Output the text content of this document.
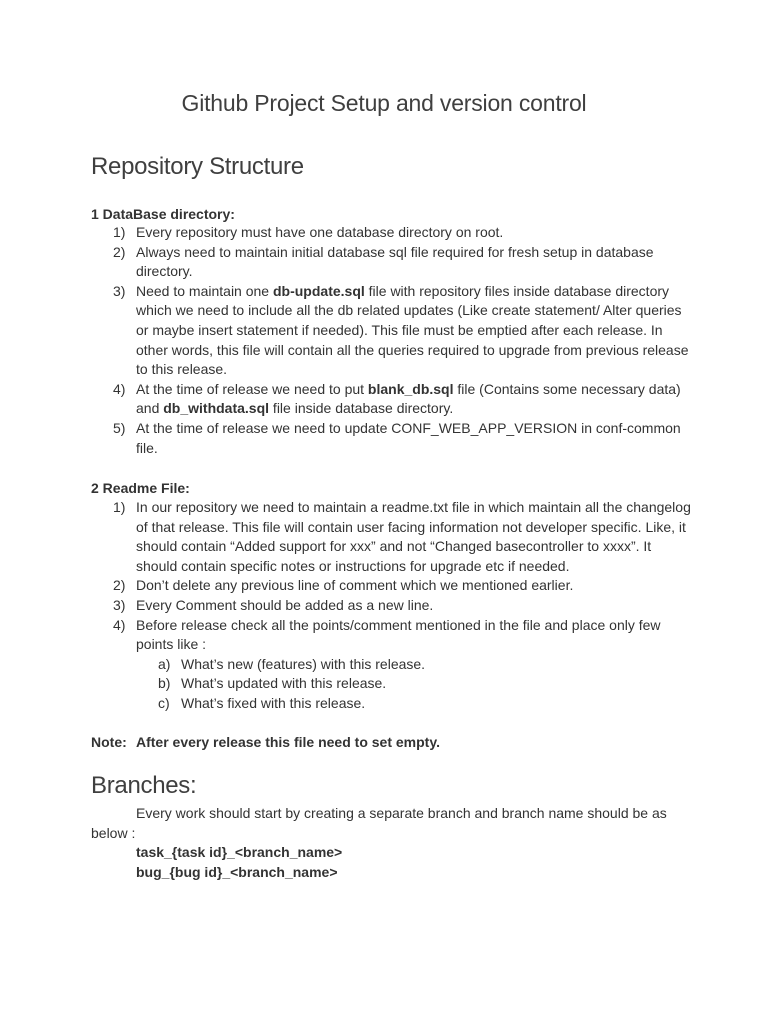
Github Project Setup and version control
Repository Structure
1 DataBase directory:
1) Every repository must have one database directory on root.
2) Always need to maintain initial database sql file required for fresh setup in database directory.
3) Need to maintain one db-update.sql file with repository files inside database directory which we need to include all the db related updates (Like create statement/ Alter queries or maybe insert statement if needed). This file must be emptied after each release. In other words, this file will contain all the queries required to upgrade from previous release to this release.
4) At the time of release we need to put blank_db.sql file (Contains some necessary data) and db_withdata.sql file inside database directory.
5) At the time of release we need to update CONF_WEB_APP_VERSION in conf-common file.
2 Readme File:
1) In our repository we need to maintain a readme.txt file in which maintain all the changelog of that release. This file will contain user facing information not developer specific. Like, it should contain “Added support for xxx” and not “Changed basecontroller to xxxx”. It should contain specific notes or instructions for upgrade etc if needed.
2) Don’t delete any previous line of comment which we mentioned earlier.
3) Every Comment should be added as a new line.
4) Before release check all the points/comment mentioned in the file and place only few points like :
a) What’s new (features) with this release.
b) What’s updated with this release.
c) What’s fixed with this release.
Note: After every release this file need to set empty.
Branches:

Every work should start by creating a separate branch and branch name should be as below :

task_{task id}_<branch_name>
bug_{bug id}_<branch_name>
